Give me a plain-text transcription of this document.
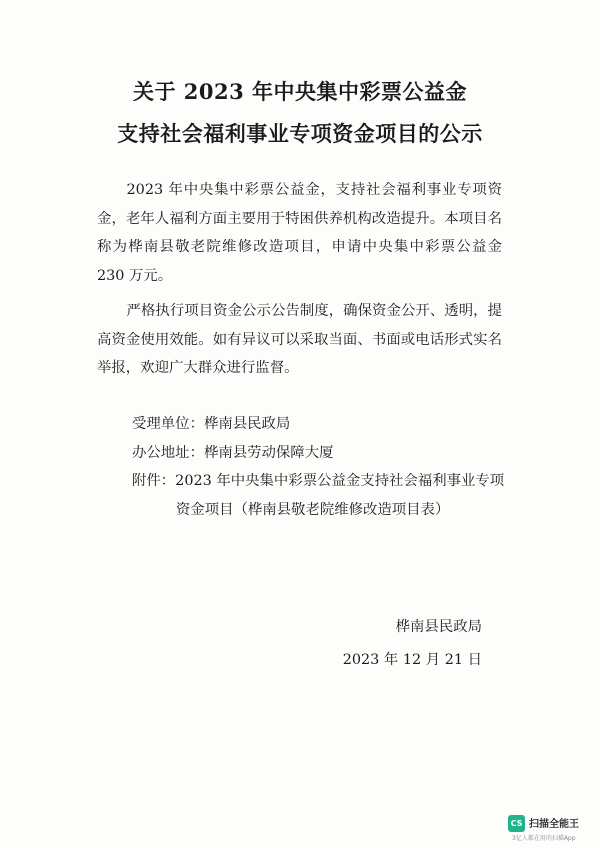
关于 2023 年中央集中彩票公益金
支持社会福利事业专项资金项目的公示

2023 年中央集中彩票公益金，支持社会福利事业专项资金，老年人福利方面主要用于特困供养机构改造提升。本项目名称为桦南县敬老院维修改造项目，申请中央集中彩票公益金 230 万元。

严格执行项目资金公示公告制度，确保资金公开、透明，提高资金使用效能。如有异议可以采取当面、书面或电话形式实名举报，欢迎广大群众进行监督。

受理单位：桦南县民政局
办公地址：桦南县劳动保障大厦
附件：2023 年中央集中彩票公益金支持社会福利事业专项资金项目（桦南县敬老院维修改造项目表）
桦南县民政局
2023 年 12 月 21 日
CS 扫描全能王
3亿人都在用的扫描App
